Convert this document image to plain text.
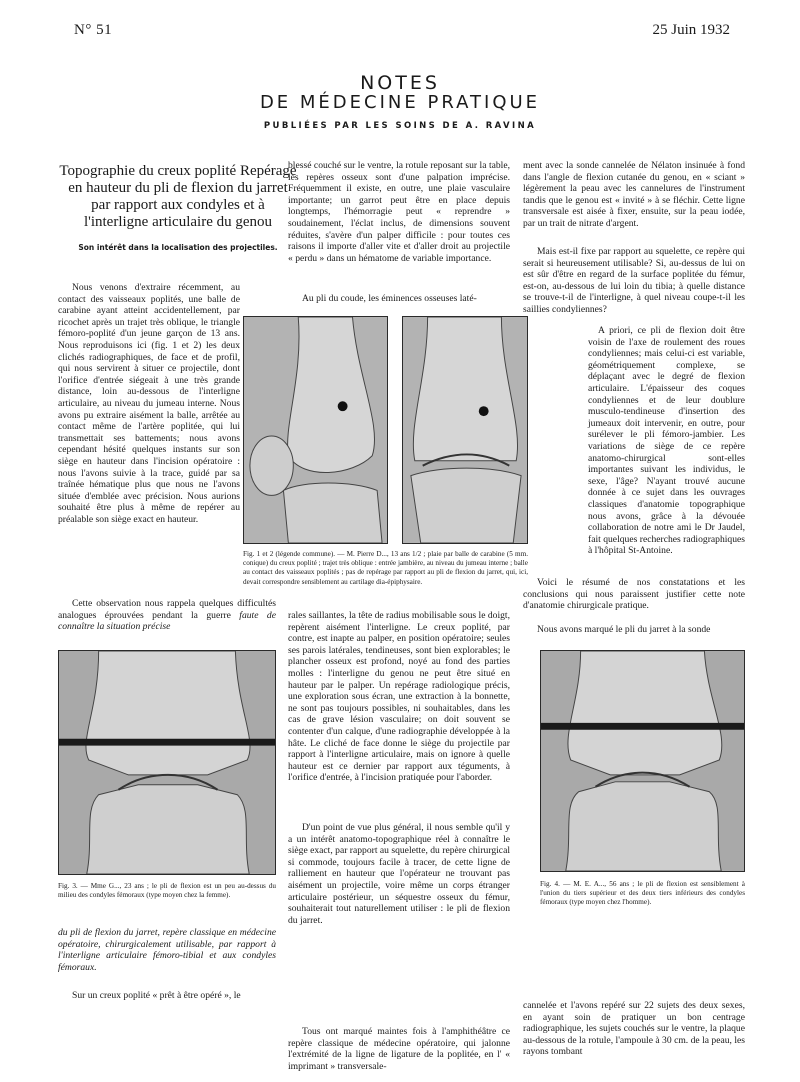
N° 51	25 Juin 1932
NOTES
DE MÉDECINE PRATIQUE
PUBLIÉES PAR LES SOINS DE A. RAVINA
Topographie du creux poplité Repérage en hauteur du pli de flexion du jarret par rapport aux condyles et à l'interligne articulaire du genou
Son intérêt dans la localisation des projectiles.
Nous venons d'extraire récemment, au contact des vaisseaux poplités, une balle de carabine ayant atteint accidentellement, par ricochet après un trajet très oblique, le triangle fémoro-poplité d'un jeune garçon de 13 ans. Nous reproduisons ici (fig. 1 et 2) les deux clichés radiographiques, de face et de profil, qui nous servirent à situer ce projectile, dont l'orifice d'entrée siégeait à une très grande distance, loin au-dessous de l'interligne articulaire, au niveau du jumeau interne. Nous avons pu extraire aisément la balle, arrêtée au contact même de l'artère poplitée, qui lui transmettait ses battements; nous avons cependant hésité quelques instants sur son siège en hauteur dans l'incision opératoire : nous l'avons suivie à la trace, guidé par sa traînée hématique plus que nous ne l'avons située d'emblée avec précision. Nous aurions souhaité être plus à même de repérer au préalable son siège exact en hauteur.
Cette observation nous rappela quelques difficultés analogues éprouvées pendant la guerre faute de connaître la situation précise
Fig. 3. — Mme G..., 23 ans ; le pli de flexion est un peu au-dessus du milieu des condyles fémoraux (type moyen chez la femme).
du pli de flexion du jarret, repère classique en médecine opératoire, chirurgicalement utilisable, par rapport à l'interligne articulaire fémoro-tibial et aux condyles fémoraux.
Sur un creux poplité « prêt à être opéré », le
blessé couché sur le ventre, la rotule reposant sur la table, les repères osseux sont d'une palpation imprécise. Fréquemment il existe, en outre, une plaie vasculaire importante; un garrot peut être en place depuis longtemps, l'hémorragie peut « reprendre » soudainement, l'éclat inclus, de dimensions souvent réduites, s'avère d'un palper difficile : pour toutes ces raisons il importe d'aller vite et d'aller droit au projectile « perdu » dans un hématome de variable importance.
Au pli du coude, les éminences osseuses laté-
Fig. 1 et 2 (légende commune). — M. Pierre D..., 13 ans 1/2 ; plaie par balle de carabine (5 mm. conique) du creux poplité ; trajet très oblique : entrée jambière, au niveau du jumeau interne ; balle au contact des vaisseaux poplités ; pas de repérage par rapport au pli de flexion du jarret, qui, ici, devait correspondre sensiblement au cartilage dia-épiphysaire.
rales saillantes, la tête de radius mobilisable sous le doigt, repèrent aisément l'interligne. Le creux poplité, par contre, est inapte au palper, en position opératoire; seules ses parois latérales, tendineuses, sont bien explorables; le plancher osseux est profond, noyé au fond des parties molles : l'interligne du genou ne peut être situé en hauteur par le palper. Un repérage radiologique précis, une exploration sous écran, une extraction à la bonnette, ne sont pas toujours possibles, ni souhaitables, dans les cas de grave lésion vasculaire; on doit souvent se contenter d'un calque, d'une radiographie développée à la hâte. Le cliché de face donne le siège du projectile par rapport à l'interligne articulaire, mais on ignore à quelle hauteur est ce dernier par rapport aux téguments, à l'orifice d'entrée, à l'incision pratiquée pour l'aborder.
D'un point de vue plus général, il nous semble qu'il y a un intérêt anatomo-topographique réel à connaître le siège exact, par rapport au squelette, du repère chirurgical si commode, toujours facile à tracer, de cette ligne de ralliement en hauteur que l'opérateur ne trouvant pas aisément un projectile, voire même un corps étranger articulaire postérieur, un séquestre osseux du fémur, souhaiterait tout naturellement utiliser : le pli de flexion du jarret.
Tous ont marqué maintes fois à l'amphithéâtre ce repère classique de médecine opératoire, qui jalonne l'extrémité de la ligne de ligature de la poplitée, en l' « imprimant » transversale-
ment avec la sonde cannelée de Nélaton insinuée à fond dans l'angle de flexion cutanée du genou, en « sciant » légèrement la peau avec les cannelures de l'instrument tandis que le genou est « invité » à se fléchir. Cette ligne transversale est aisée à fixer, ensuite, sur la peau iodée, par un trait de nitrate d'argent.
Mais est-il fixe par rapport au squelette, ce repère qui serait si heureusement utilisable? Si, au-dessus de lui on est sûr d'être en regard de la surface poplitée du fémur, est-on, au-dessous de lui loin du tibia; à quelle distance se trouve-t-il de l'interligne, à quel niveau coupe-t-il les saillies condyliennes?
A priori, ce pli de flexion doit être voisin de l'axe de roulement des roues condyliennes; mais celui-ci est variable, géométriquement complexe, se déplaçant avec le degré de flexion articulaire. L'épaisseur des coques condyliennes et de leur doublure musculo-tendineuse d'insertion des jumeaux doit intervenir, en outre, pour surélever le pli fémoro-jambier. Les variations de siège de ce repère anatomo-chirurgical sont-elles importantes suivant les individus, le sexe, l'âge? N'ayant trouvé aucune donnée à ce sujet dans les ouvrages classiques d'anatomie topographique nous avons, grâce à la dévouée collaboration de notre ami le Dr Jaudel, fait quelques recherches radiographiques à l'hôpital St-Antoine.
Voici le résumé de nos constatations et les conclusions qui nous paraissent justifier cette note d'anatomie chirurgicale pratique.
Nous avons marqué le pli du jarret à la sonde
Fig. 4. — M. E. A..., 56 ans ; le pli de flexion est sensiblement à l'union du tiers supérieur et des deux tiers inférieurs des condyles fémoraux (type moyen chez l'homme).
cannelée et l'avons repéré sur 22 sujets des deux sexes, en ayant soin de pratiquer un bon centrage radiographique, les sujets couchés sur le ventre, la plaque au-dessous de la rotule, l'ampoule à 30 cm. de la peau, les rayons tombant
